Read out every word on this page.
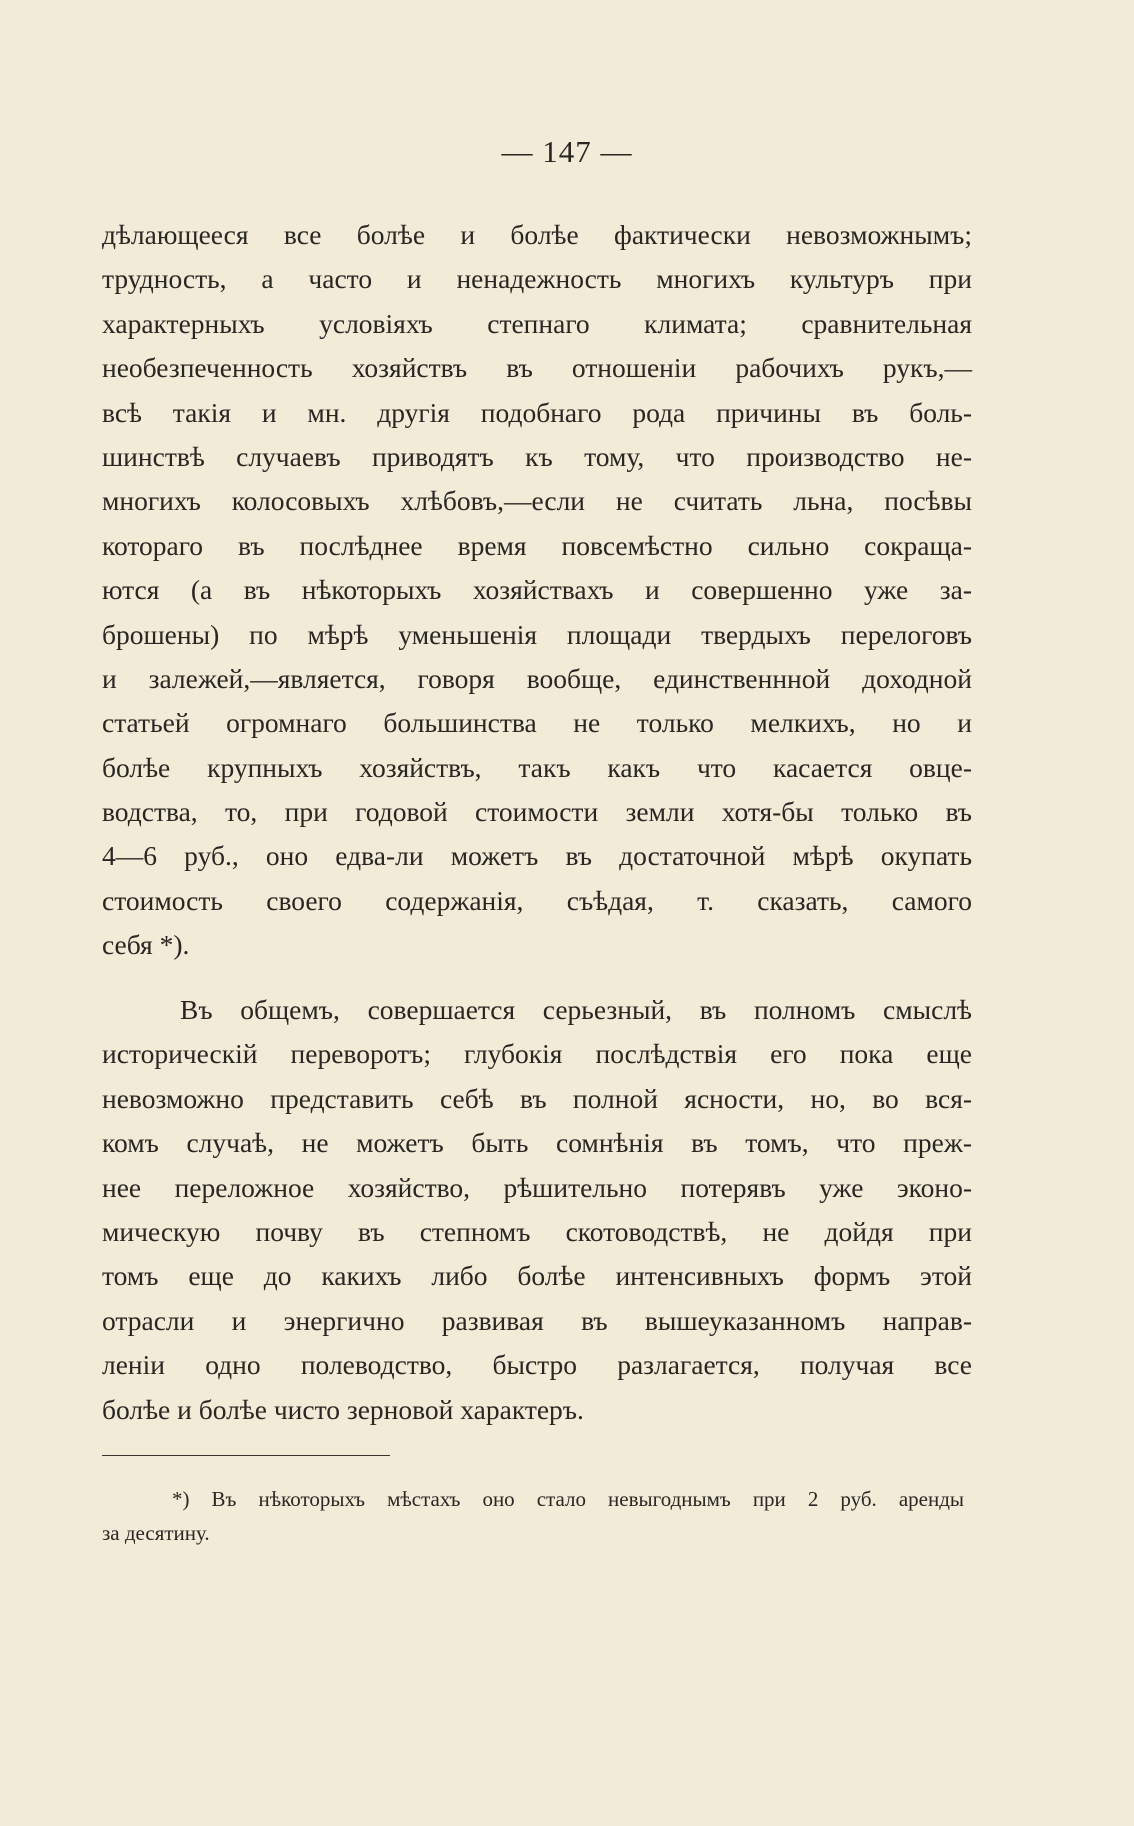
— 147 —
дѣлающееся все болѣе и болѣе фактически невозможнымъ;
трудность, а часто и ненадежность многихъ культуръ при
характерныхъ условіяхъ степнаго климата; сравнительная
необезпеченность хозяйствъ въ отношеніи рабочихъ рукъ,—
всѣ такія и мн. другія подобнаго рода причины въ боль-
шинствѣ случаевъ приводятъ къ тому, что производство не-
многихъ колосовыхъ хлѣбовъ,—если не считать льна, посѣвы
котораго въ послѣднее время повсемѣстно сильно сокраща-
ются (а въ нѣкоторыхъ хозяйствахъ и совершенно уже за-
брошены) по мѣрѣ уменьшенія площади твердыхъ перелоговъ
и залежей,—является, говоря вообще, единственнной доходной
статьей огромнаго большинства не только мелкихъ, но и
болѣе крупныхъ хозяйствъ, такъ какъ что касается овце-
водства, то, при годовой стоимости земли хотя-бы только въ
4—6 руб., оно едва-ли можетъ въ достаточной мѣрѣ окупать
стоимость своего содержанія, съѣдая, т. сказать, самого
себя *).
Въ общемъ, совершается серьезный, въ полномъ смыслѣ
историческій переворотъ; глубокія послѣдствія его пока еще
невозможно представить себѣ въ полной ясности, но, во вся-
комъ случаѣ, не можетъ быть сомнѣнія въ томъ, что преж-
нее переложное хозяйство, рѣшительно потерявъ уже эконо-
мическую почву въ степномъ скотоводствѣ, не дойдя при
томъ еще до какихъ либо болѣе интенсивныхъ формъ этой
отрасли и энергично развивая въ вышеуказанномъ направ-
леніи одно полеводство, быстро разлагается, получая все
болѣе и болѣе чисто зерновой характеръ.
*) Въ нѣкоторыхъ мѣстахъ оно стало невыгоднымъ при 2 руб. аренды
за десятину.
